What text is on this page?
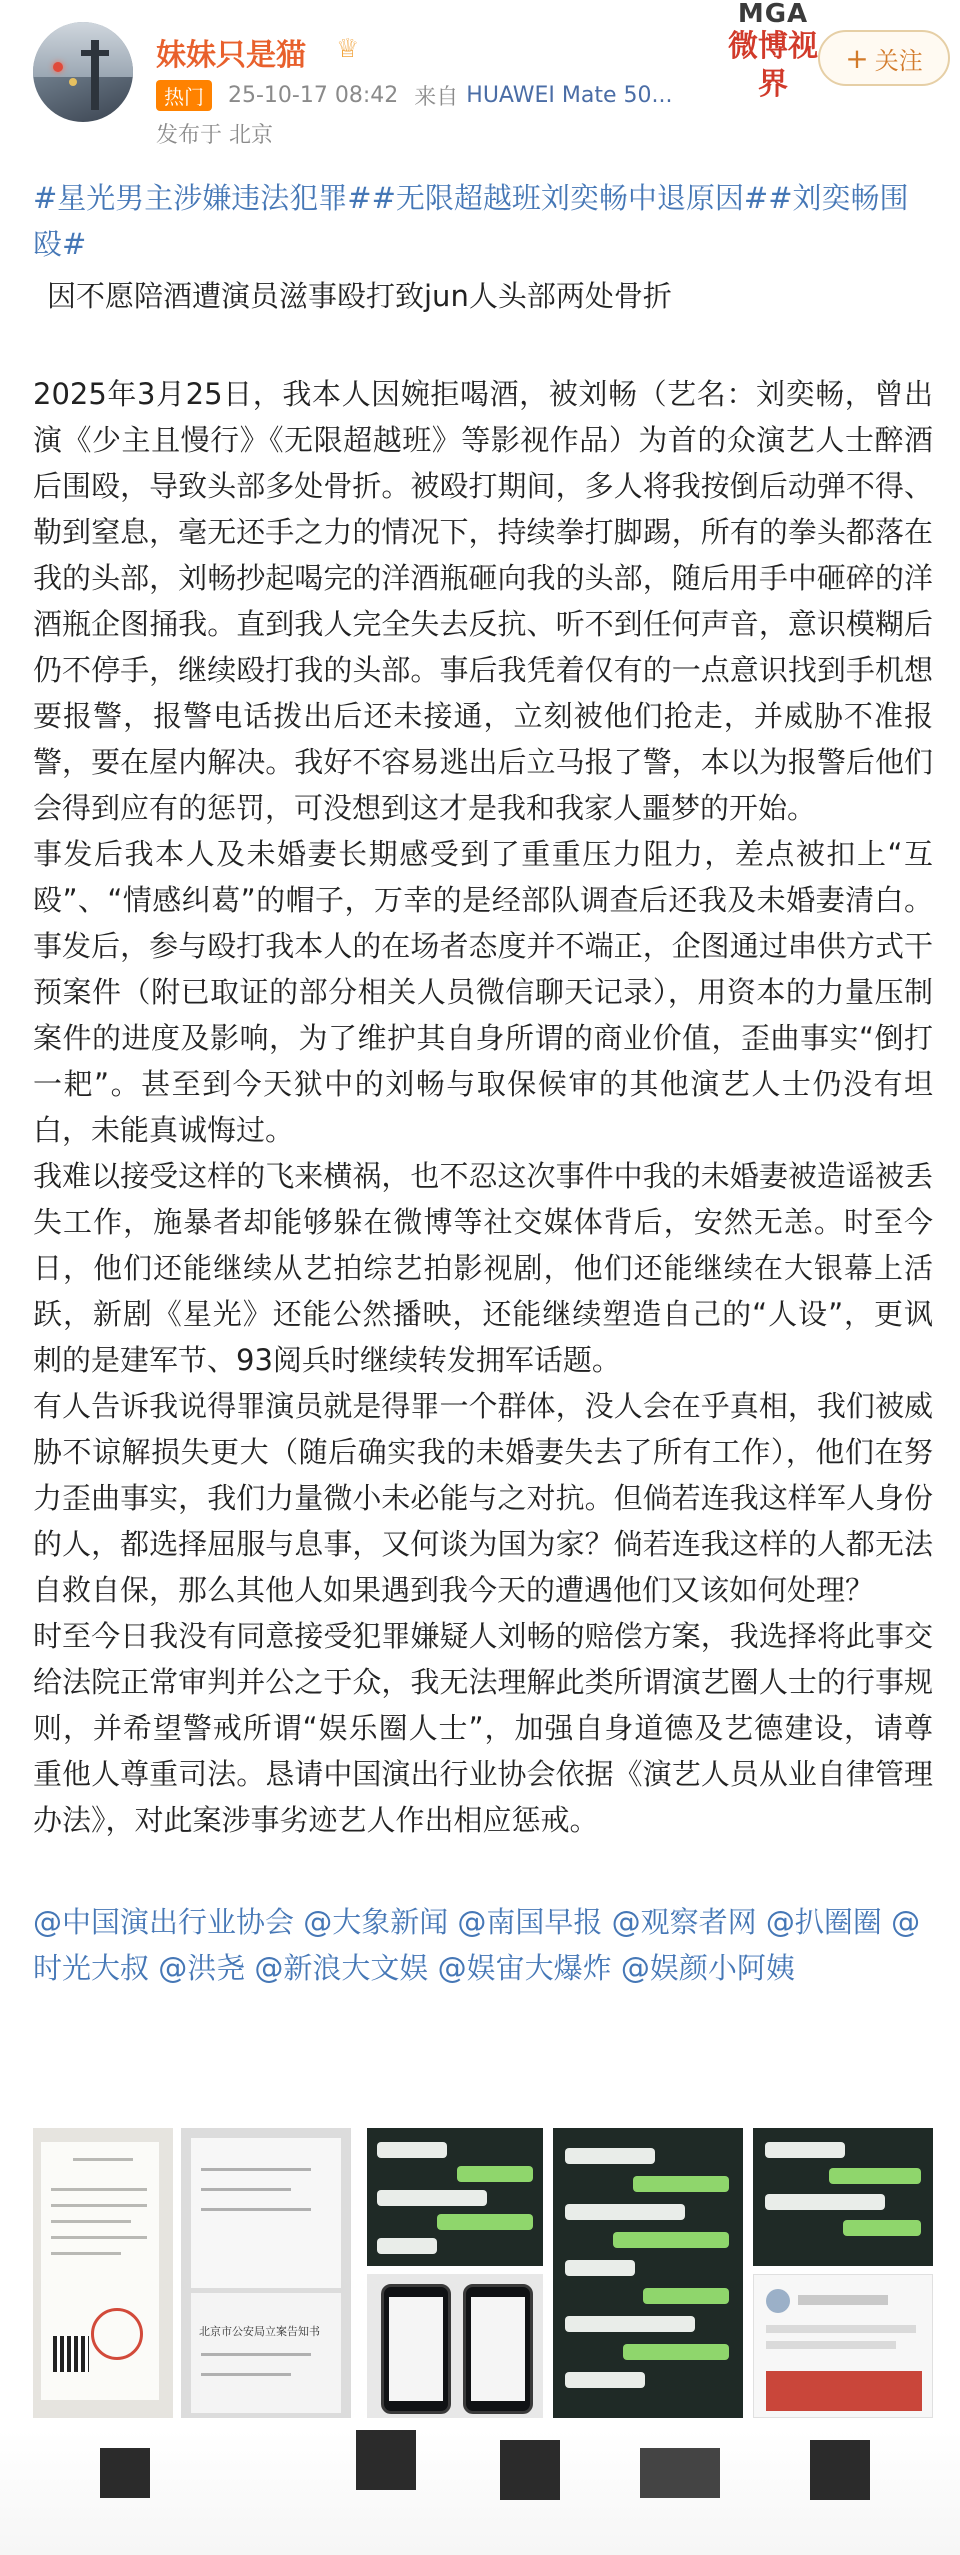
妹妹只是猫 ♕
热门	25-10-17 08:42 来自 HUAWEI Mate 50...
发布于 北京
MGA
微博视界
+ 关注
#星光男主涉嫌违法犯罪##无限超越班刘奕畅中退原因##刘奕畅围殴#
因不愿陪酒遭演员滋事殴打致jun人头部两处骨折

2025年3月25日，我本人因婉拒喝酒，被刘畅（艺名：刘奕畅，曾出演《少主且慢行》《无限超越班》等影视作品）为首的众演艺人士醉酒后围殴，导致头部多处骨折。被殴打期间，多人将我按倒后动弹不得、勒到窒息，毫无还手之力的情况下，持续拳打脚踢，所有的拳头都落在我的头部，刘畅抄起喝完的洋酒瓶砸向我的头部，随后用手中砸碎的洋酒瓶企图捅我。直到我人完全失去反抗、听不到任何声音，意识模糊后仍不停手，继续殴打我的头部。事后我凭着仅有的一点意识找到手机想要报警，报警电话拨出后还未接通，立刻被他们抢走，并威胁不准报警，要在屋内解决。我好不容易逃出后立马报了警，本以为报警后他们会得到应有的惩罚，可没想到这才是我和我家人噩梦的开始。

事发后我本人及未婚妻长期感受到了重重压力阻力，差点被扣上“互殴”、“情感纠葛”的帽子，万幸的是经部队调查后还我及未婚妻清白。事发后，参与殴打我本人的在场者态度并不端正，企图通过串供方式干预案件（附已取证的部分相关人员微信聊天记录），用资本的力量压制案件的进度及影响，为了维护其自身所谓的商业价值，歪曲事实“倒打一耙”。甚至到今天狱中的刘畅与取保候审的其他演艺人士仍没有坦白，未能真诚悔过。

我难以接受这样的飞来横祸，也不忍这次事件中我的未婚妻被造谣被丢失工作，施暴者却能够躲在微博等社交媒体背后，安然无恙。时至今日，他们还能继续从艺拍综艺拍影视剧，他们还能继续在大银幕上活跃，新剧《星光》还能公然播映，还能继续塑造自己的“人设”，更讽刺的是建军节、93阅兵时继续转发拥军话题。

有人告诉我说得罪演员就是得罪一个群体，没人会在乎真相，我们被威胁不谅解损失更大（随后确实我的未婚妻失去了所有工作），他们在努力歪曲事实，我们力量微小未必能与之对抗。但倘若连我这样军人身份的人，都选择屈服与息事，又何谈为国为家？倘若连我这样的人都无法自救自保，那么其他人如果遇到我今天的遭遇他们又该如何处理？

时至今日我没有同意接受犯罪嫌疑人刘畅的赔偿方案，我选择将此事交给法院正常审判并公之于众，我无法理解此类所谓演艺圈人士的行事规则，并希望警戒所谓“娱乐圈人士”，加强自身道德及艺德建设，请尊重他人尊重司法。恳请中国演出行业协会依据《演艺人员从业自律管理办法》，对此案涉事劣迹艺人作出相应惩戒。

@中国演出行业协会 @大象新闻 @南国早报 @观察者网 @扒圈圈 @时光大叔 @洪尧 @新浪大文娱 @娱宙大爆炸 @娱颜小阿姨
北京市公安局立案告知书
